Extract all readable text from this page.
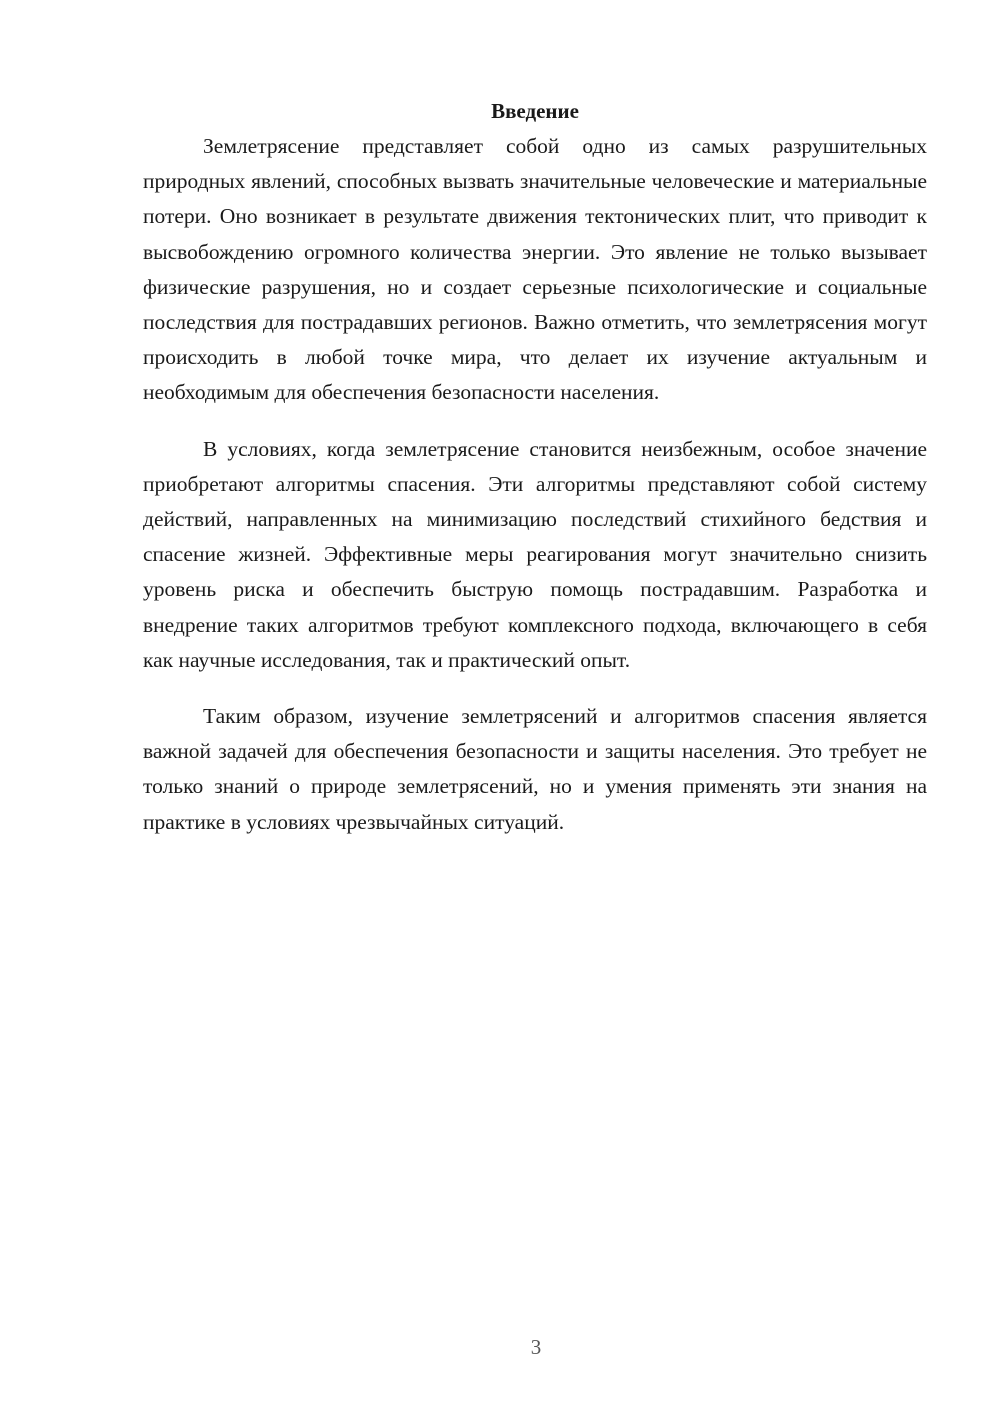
Введение

Землетрясение представляет собой одно из самых разрушительных природных явлений, способных вызвать значительные человеческие и материальные потери. Оно возникает в результате движения тектонических плит, что приводит к высвобождению огромного количества энергии. Это явление не только вызывает физические разрушения, но и создает серьезные психологические и социальные последствия для пострадавших регионов. Важно отметить, что землетрясения могут происходить в любой точке мира, что делает их изучение актуальным и необходимым для обеспечения безопасности населения.

В условиях, когда землетрясение становится неизбежным, особое значение приобретают алгоритмы спасения. Эти алгоритмы представляют собой систему действий, направленных на минимизацию последствий стихийного бедствия и спасение жизней. Эффективные меры реагирования могут значительно снизить уровень риска и обеспечить быструю помощь пострадавшим. Разработка и внедрение таких алгоритмов требуют комплексного подхода, включающего в себя как научные исследования, так и практический опыт.

Таким образом, изучение землетрясений и алгоритмов спасения является важной задачей для обеспечения безопасности и защиты населения. Это требует не только знаний о природе землетрясений, но и умения применять эти знания на практике в условиях чрезвычайных ситуаций.

3
